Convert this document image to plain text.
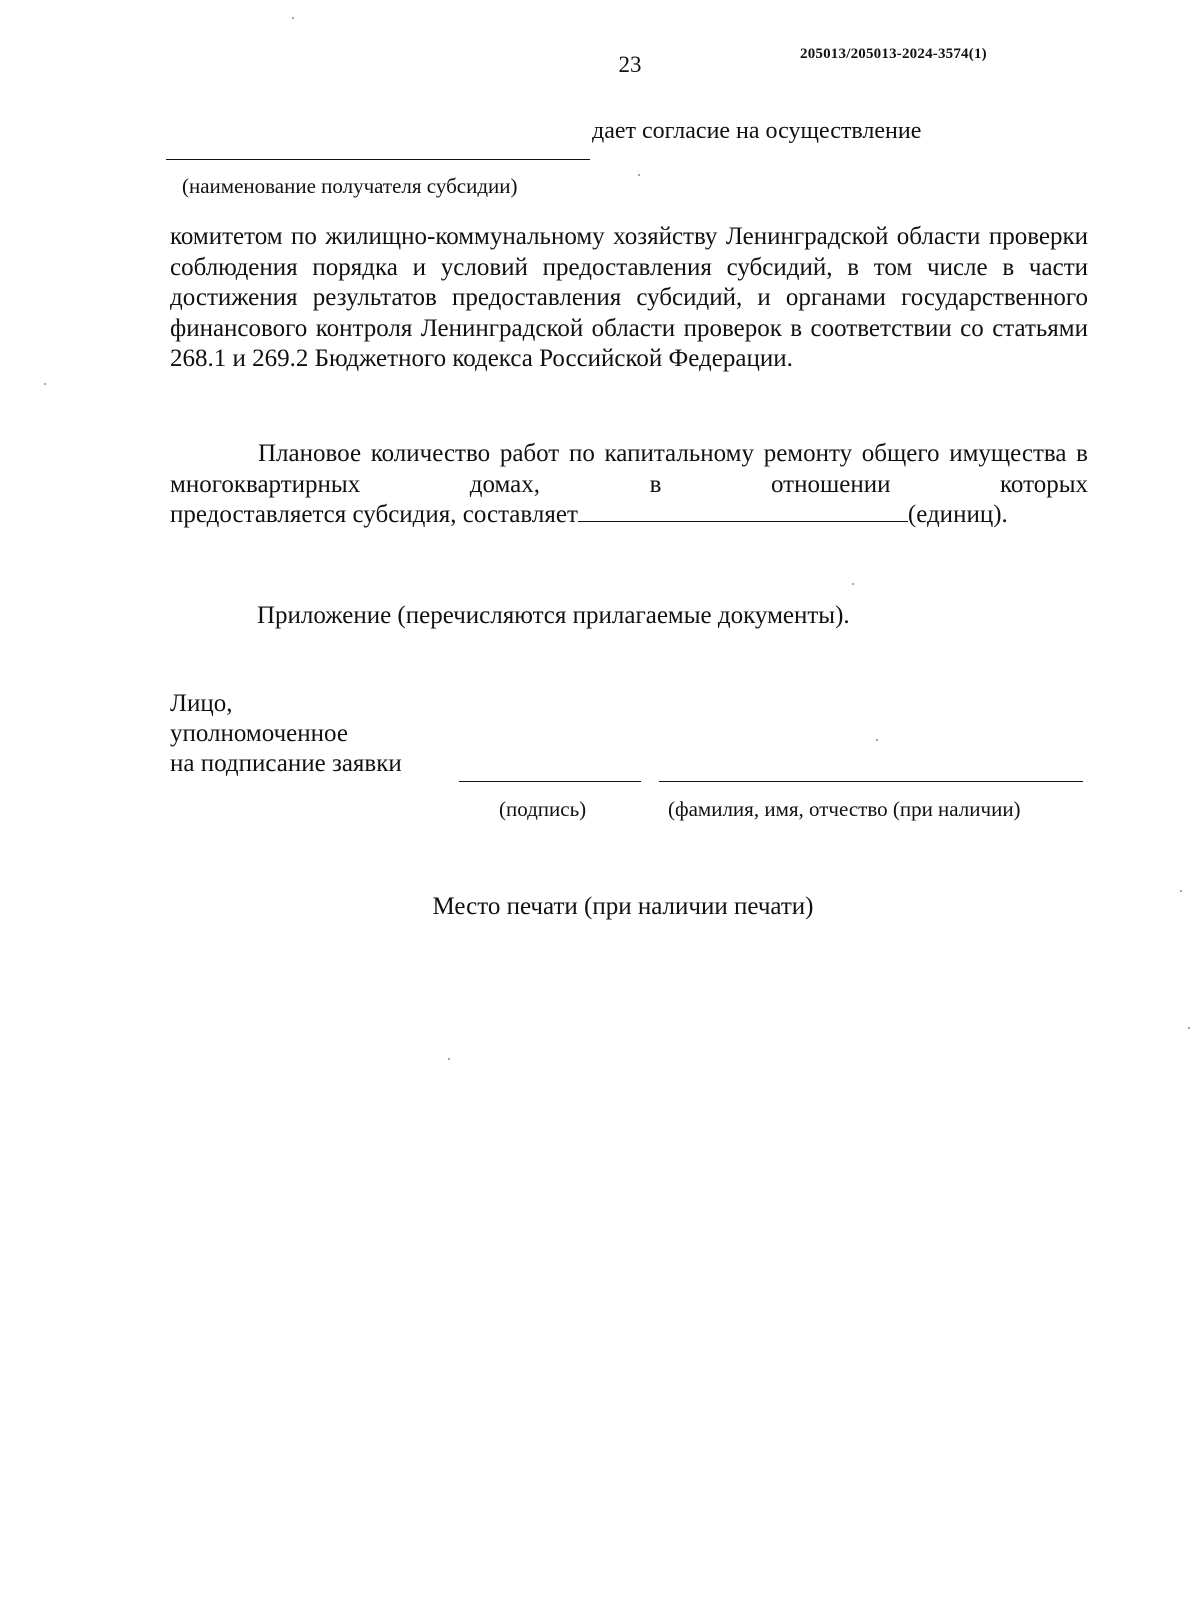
23	205013/205013-2024-3574(1)
дает согласие на осуществление
(наименование получателя субсидии)
комитетом по жилищно-коммунальному хозяйству Ленинградской области проверки соблюдения порядка и условий предоставления субсидий, в том числе в части достижения результатов предоставления субсидий, и органами государственного финансового контроля Ленинградской области проверок в соответствии со статьями 268.1 и 269.2 Бюджетного кодекса Российской Федерации.
Плановое количество работ по капитальному ремонту общего имущества в многоквартирных домах, в отношении которых
предоставляется субсидия, составляет	(единиц).
Приложение (перечисляются прилагаемые документы).
Лицо,
уполномоченное
на подписание заявки
(подпись)	(фамилия, имя, отчество (при наличии)
Место печати (при наличии печати)
